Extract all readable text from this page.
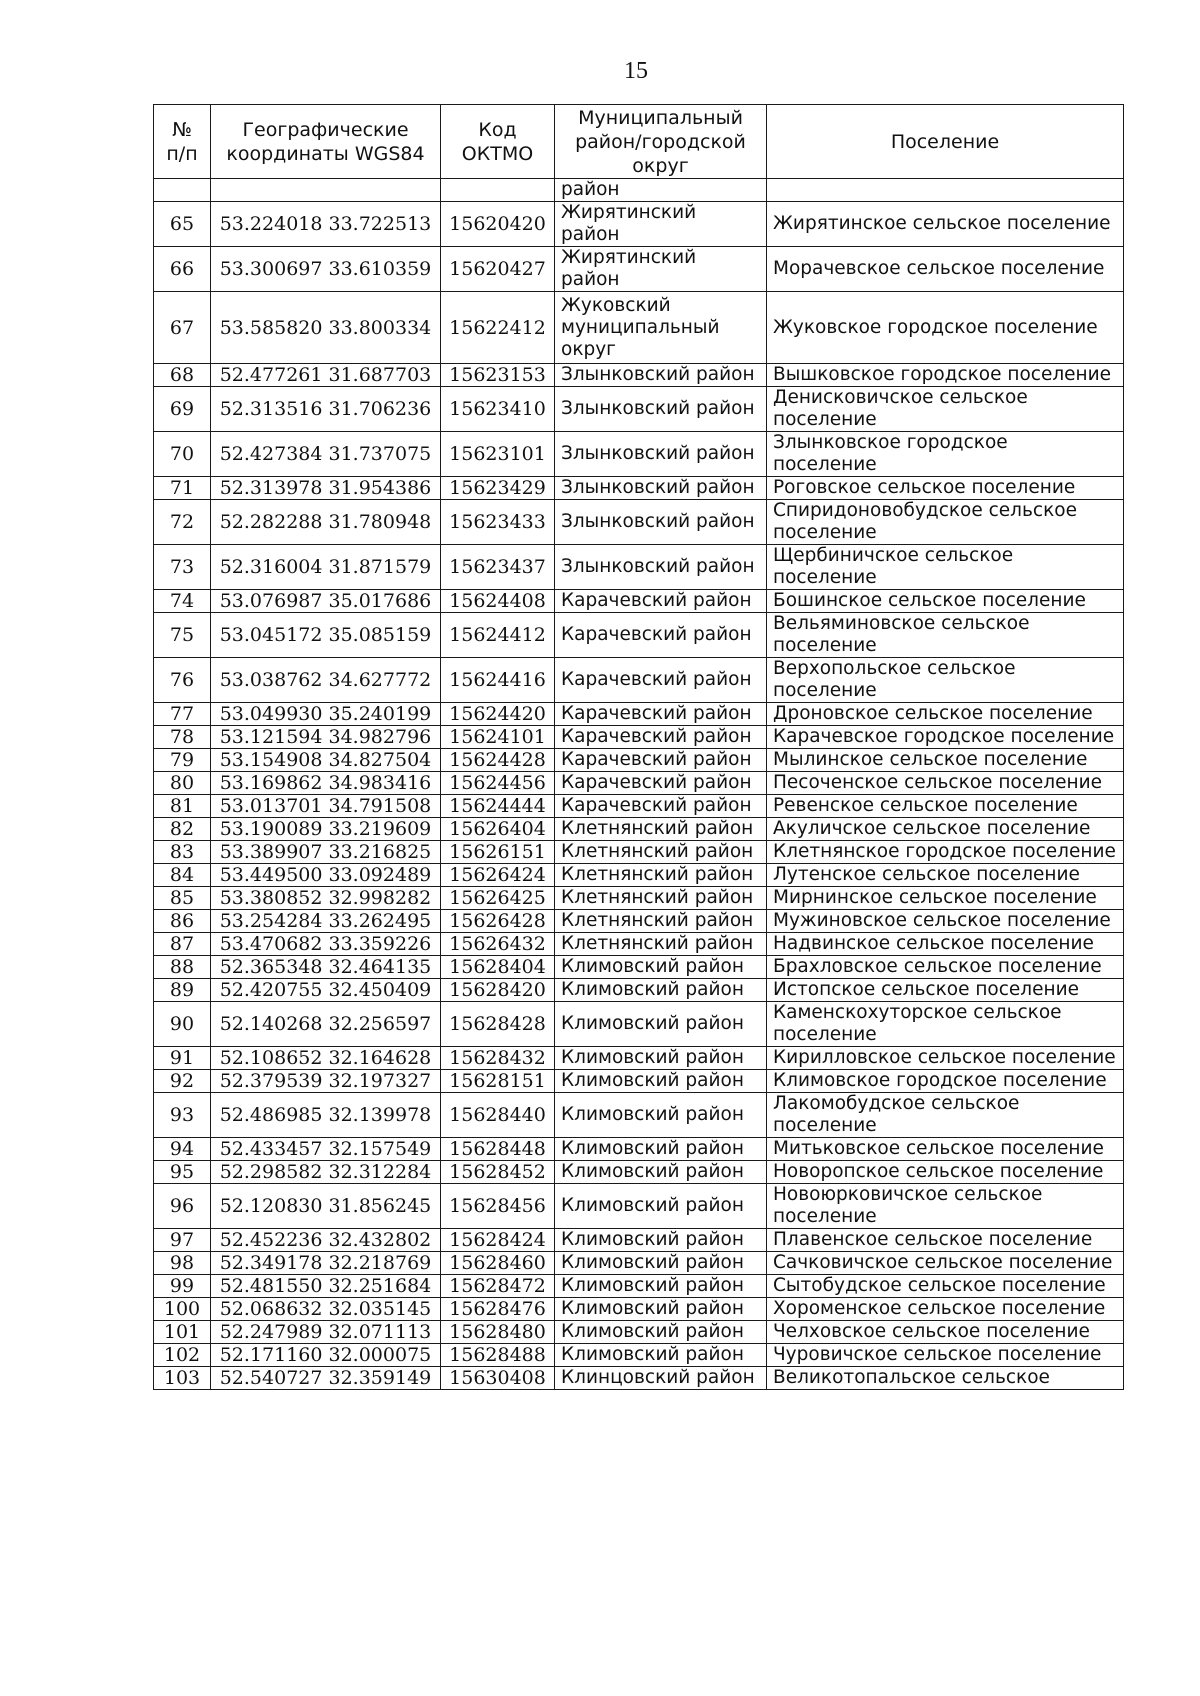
15
№ п/п	Географические координаты WGS84	Код ОКТМО	Муниципальный район/городской округ	Поселение
			район	
65	53.224018 33.722513	15620420	Жирятинский район	Жирятинское сельское поселение
66	53.300697 33.610359	15620427	Жирятинский район	Морачевское сельское поселение
67	53.585820 33.800334	15622412	Жуковский муниципальный округ	Жуковское городское поселение
68	52.477261 31.687703	15623153	Злынковский район	Вышковское городское поселение
69	52.313516 31.706236	15623410	Злынковский район	Денисковичское сельское поселение
70	52.427384 31.737075	15623101	Злынковский район	Злынковское городское поселение
71	52.313978 31.954386	15623429	Злынковский район	Роговское сельское поселение
72	52.282288 31.780948	15623433	Злынковский район	Спиридоновобудское сельское поселение
73	52.316004 31.871579	15623437	Злынковский район	Щербиничское сельское поселение
74	53.076987 35.017686	15624408	Карачевский район	Бошинское сельское поселение
75	53.045172 35.085159	15624412	Карачевский район	Вельяминовское сельское поселение
76	53.038762 34.627772	15624416	Карачевский район	Верхопольское сельское поселение
77	53.049930 35.240199	15624420	Карачевский район	Дроновское сельское поселение
78	53.121594 34.982796	15624101	Карачевский район	Карачевское городское поселение
79	53.154908 34.827504	15624428	Карачевский район	Мылинское сельское поселение
80	53.169862 34.983416	15624456	Карачевский район	Песоченское сельское поселение
81	53.013701 34.791508	15624444	Карачевский район	Ревенское сельское поселение
82	53.190089 33.219609	15626404	Клетнянский район	Акуличское сельское поселение
83	53.389907 33.216825	15626151	Клетнянский район	Клетнянское городское поселение
84	53.449500 33.092489	15626424	Клетнянский район	Лутенское сельское поселение
85	53.380852 32.998282	15626425	Клетнянский район	Мирнинское сельское поселение
86	53.254284 33.262495	15626428	Клетнянский район	Мужиновское сельское поселение
87	53.470682 33.359226	15626432	Клетнянский район	Надвинское сельское поселение
88	52.365348 32.464135	15628404	Климовский район	Брахловское сельское поселение
89	52.420755 32.450409	15628420	Климовский район	Истопское сельское поселение
90	52.140268 32.256597	15628428	Климовский район	Каменскохуторское сельское поселение
91	52.108652 32.164628	15628432	Климовский район	Кирилловское сельское поселение
92	52.379539 32.197327	15628151	Климовский район	Климовское городское поселение
93	52.486985 32.139978	15628440	Климовский район	Лакомобудское сельское поселение
94	52.433457 32.157549	15628448	Климовский район	Митьковское сельское поселение
95	52.298582 32.312284	15628452	Климовский район	Новоропское сельское поселение
96	52.120830 31.856245	15628456	Климовский район	Новоюрковичское сельское поселение
97	52.452236 32.432802	15628424	Климовский район	Плавенское сельское поселение
98	52.349178 32.218769	15628460	Климовский район	Сачковичское сельское поселение
99	52.481550 32.251684	15628472	Климовский район	Сытобудское сельское поселение
100	52.068632 32.035145	15628476	Климовский район	Хороменское сельское поселение
101	52.247989 32.071113	15628480	Климовский район	Челховское сельское поселение
102	52.171160 32.000075	15628488	Климовский район	Чуровичское сельское поселение
103	52.540727 32.359149	15630408	Клинцовский район	Великотопальское сельское
